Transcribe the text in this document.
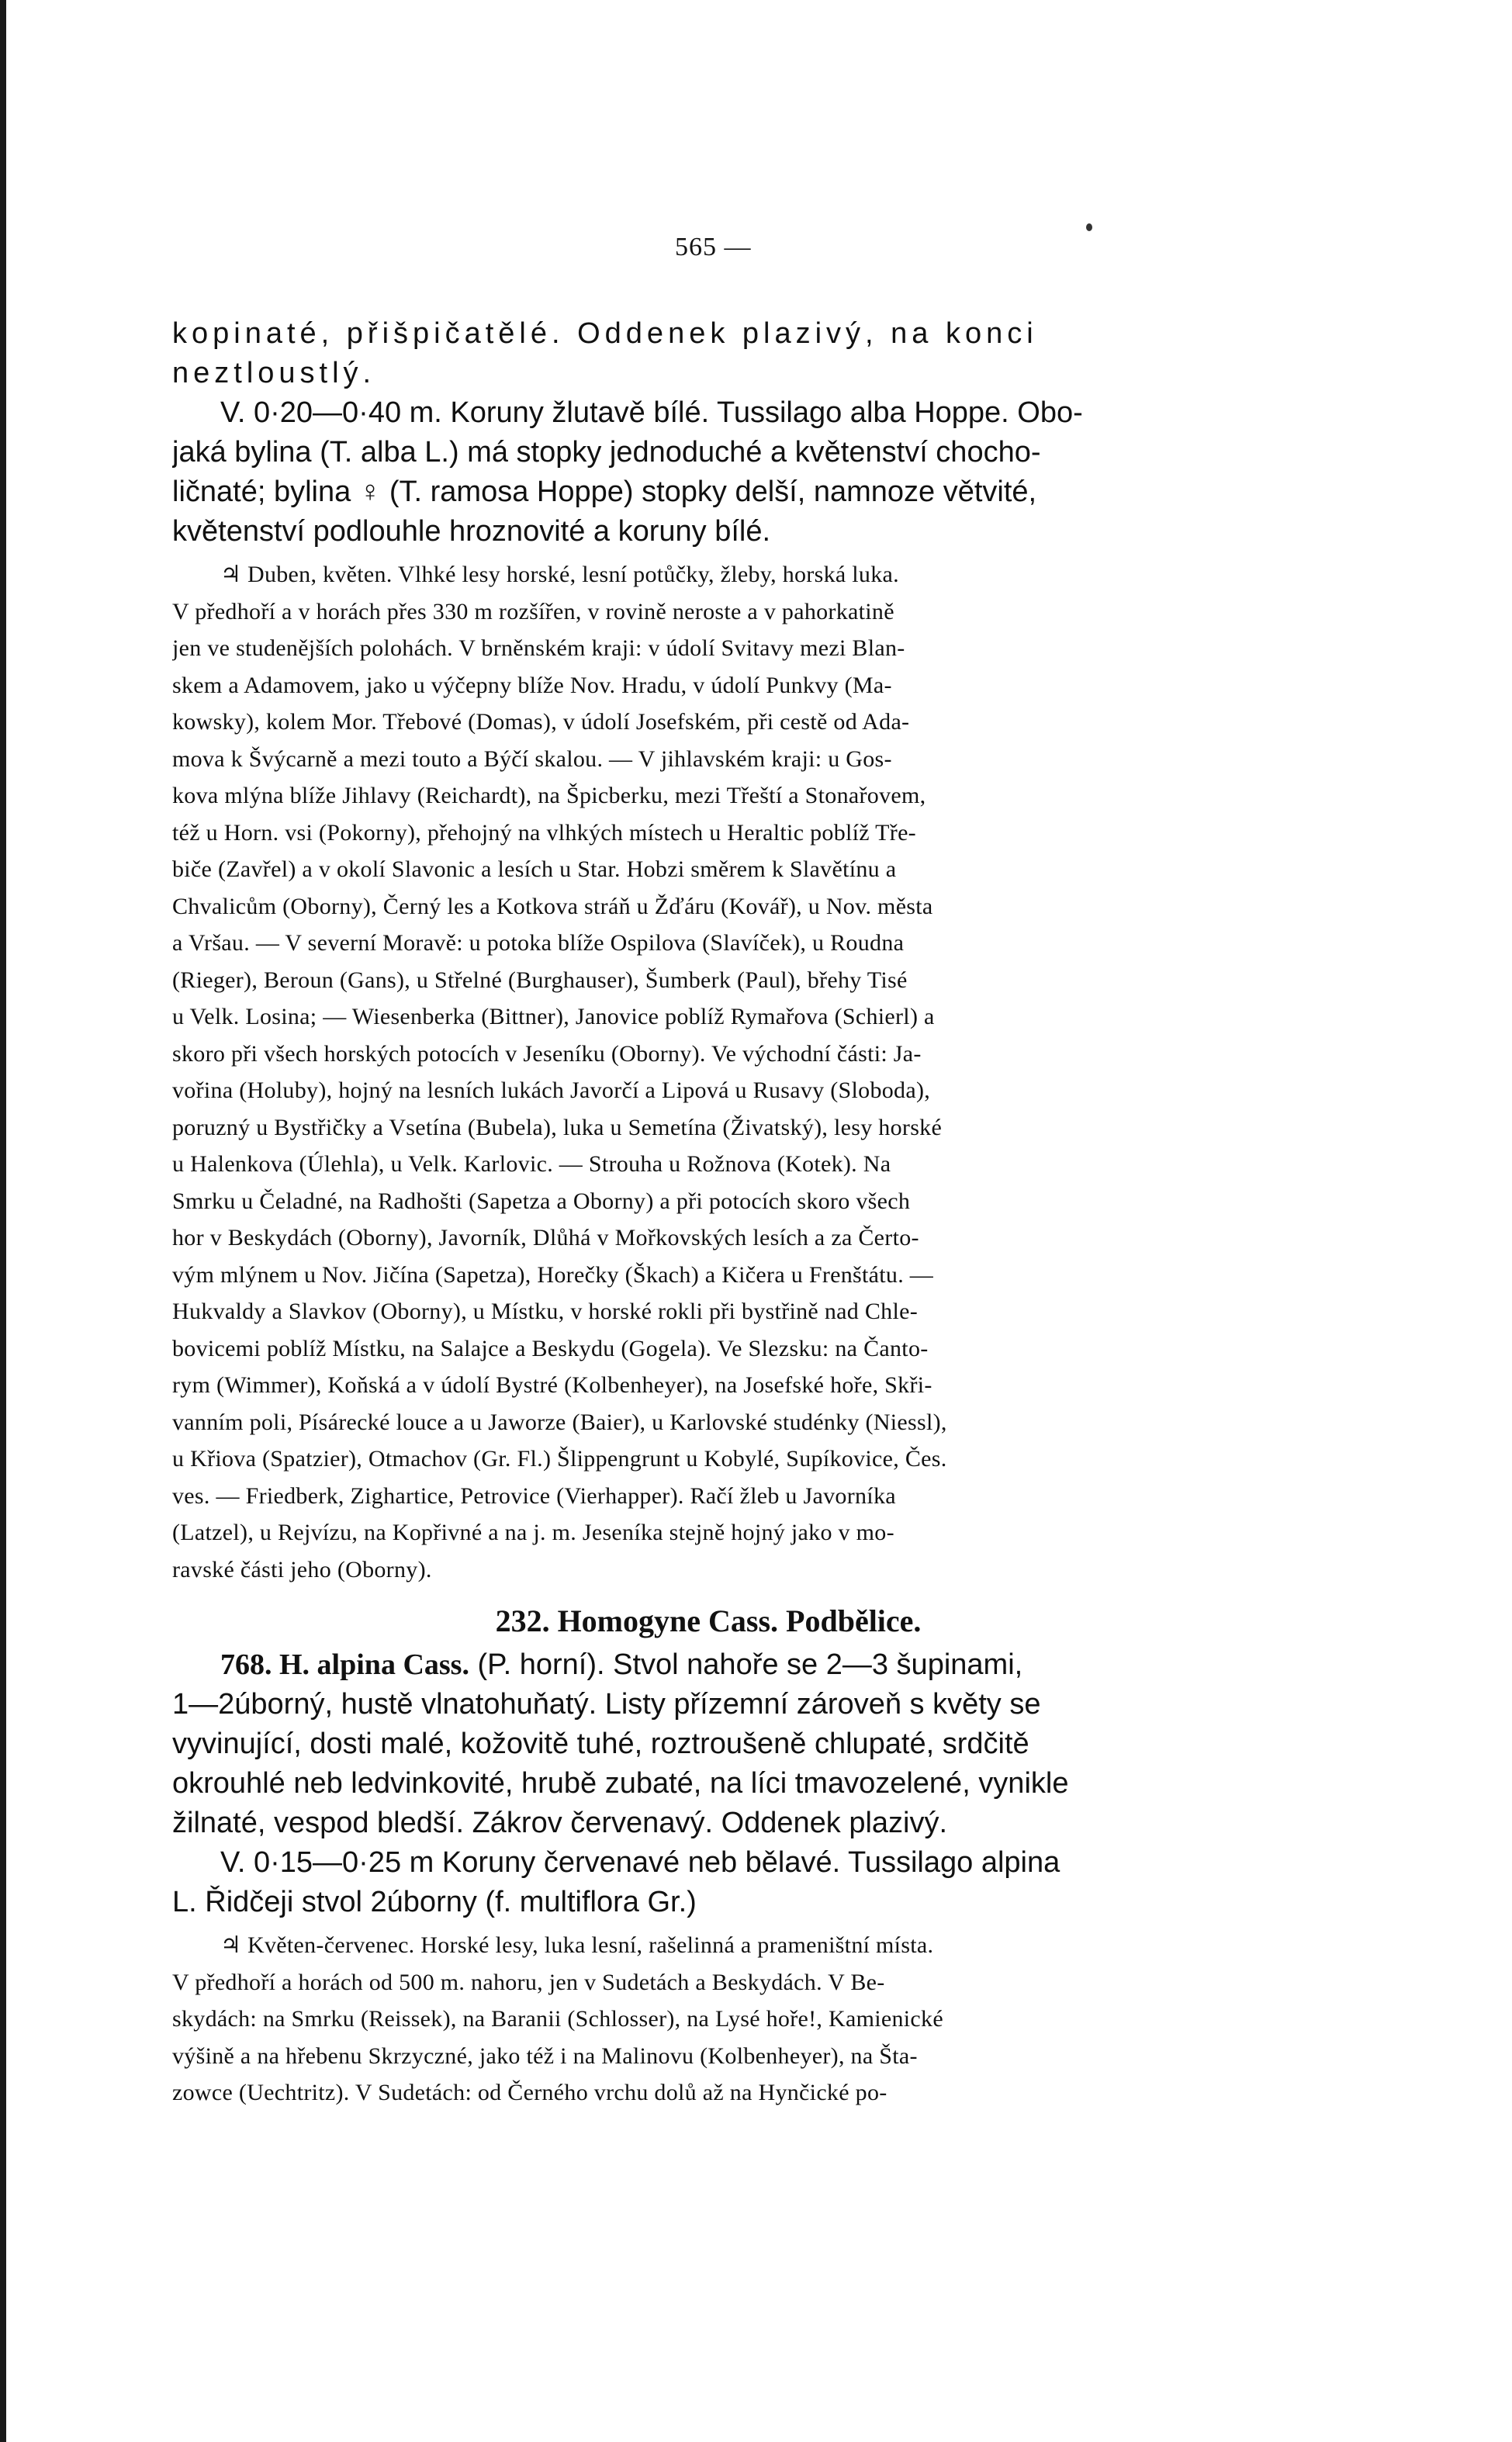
565 —

kopinaté, přišpičatělé. Oddenek plazivý, na konci

neztloustlý.

V. 0·20—0·40 m. Koruny žlutavě bílé. Tussilago alba Hoppe. Obo-

jaká bylina (T. alba L.) má stopky jednoduché a květenství chocho-

ličnaté; bylina ♀ (T. ramosa Hoppe) stopky delší, namnoze větvité,

květenství podlouhle hroznovité a koruny bílé.

♃ Duben, květen. Vlhké lesy horské, lesní potůčky, žleby, horská luka.

V předhoří a v horách přes 330 m rozšířen, v rovině neroste a v pahorkatině

jen ve studenějších polohách. V brněnském kraji: v údolí Svitavy mezi Blan-

skem a Adamovem, jako u výčepny blíže Nov. Hradu, v údolí Punkvy (Ma-

kowsky), kolem Mor. Třebové (Domas), v údolí Josefském, při cestě od Ada-

mova k Švýcarně a mezi touto a Býčí skalou. — V jihlavském kraji: u Gos-

kova mlýna blíže Jihlavy (Reichardt), na Špicberku, mezi Třeští a Stonařovem,

též u Horn. vsi (Pokorny), přehojný na vlhkých místech u Heraltic poblíž Tře-

biče (Zavřel) a v okolí Slavonic a lesích u Star. Hobzi směrem k Slavětínu a

Chvalicům (Oborny), Černý les a Kotkova stráň u Žďáru (Kovář), u Nov. města

a Vršau. — V severní Moravě: u potoka blíže Ospilova (Slavíček), u Roudna

(Rieger), Beroun (Gans), u Střelné (Burghauser), Šumberk (Paul), břehy Tisé

u Velk. Losina; — Wiesenberka (Bittner), Janovice poblíž Rymařova (Schierl) a

skoro při všech horských potocích v Jeseníku (Oborny). Ve východní části: Ja-

vořina (Holuby), hojný na lesních lukách Javorčí a Lipová u Rusavy (Sloboda),

poruzný u Bystřičky a Vsetína (Bubela), luka u Semetína (Živatský), lesy horské

u Halenkova (Úlehla), u Velk. Karlovic. — Strouha u Rožnova (Kotek). Na

Smrku u Čeladné, na Radhošti (Sapetza a Oborny) a při potocích skoro všech

hor v Beskydách (Oborny), Javorník, Dlůhá v Mořkovských lesích a za Čerto-

vým mlýnem u Nov. Jičína (Sapetza), Horečky (Škach) a Kičera u Frenštátu. —

Hukvaldy a Slavkov (Oborny), u Místku, v horské rokli při bystřině nad Chle-

bovicemi poblíž Místku, na Salajce a Beskydu (Gogela). Ve Slezsku: na Čanto-

rym (Wimmer), Koňská a v údolí Bystré (Kolbenheyer), na Josefské hoře, Skři-

vanním poli, Písárecké louce a u Jaworze (Baier), u Karlovské studénky (Niessl),

u Křiova (Spatzier), Otmachov (Gr. Fl.) Šlippengrunt u Kobylé, Supíkovice, Čes.

ves. — Friedberk, Zighartice, Petrovice (Vierhapper). Račí žleb u Javorníka

(Latzel), u Rejvízu, na Kopřivné a na j. m. Jeseníka stejně hojný jako v mo-

ravské části jeho (Oborny).

232. Homogyne Cass. Podbělice.

768. H. alpina Cass. (P. horní). Stvol nahoře se 2—3 šupinami,

1—2úborný, hustě vlnatohuňatý. Listy přízemní zároveň s květy se

vyvinující, dosti malé, kožovitě tuhé, roztroušeně chlupaté, srdčitě

okrouhlé neb ledvinkovité, hrubě zubaté, na líci tmavozelené, vynikle

žilnaté, vespod bledší. Zákrov červenavý. Oddenek plazivý.

V. 0·15—0·25 m Koruny červenavé neb bělavé. Tussilago alpina

L. Řidčeji stvol 2úborny (f. multiflora Gr.)

♃ Květen-červenec. Horské lesy, luka lesní, rašelinná a prameništní místa.

V předhoří a horách od 500 m. nahoru, jen v Sudetách a Beskydách. V Be-

skydách: na Smrku (Reissek), na Baranii (Schlosser), na Lysé hoře!, Kamienické

výšině a na hřebenu Skrzyczné, jako též i na Malinovu (Kolbenheyer), na Šta-

zowce (Uechtritz). V Sudetách: od Černého vrchu dolů až na Hynčické po-
